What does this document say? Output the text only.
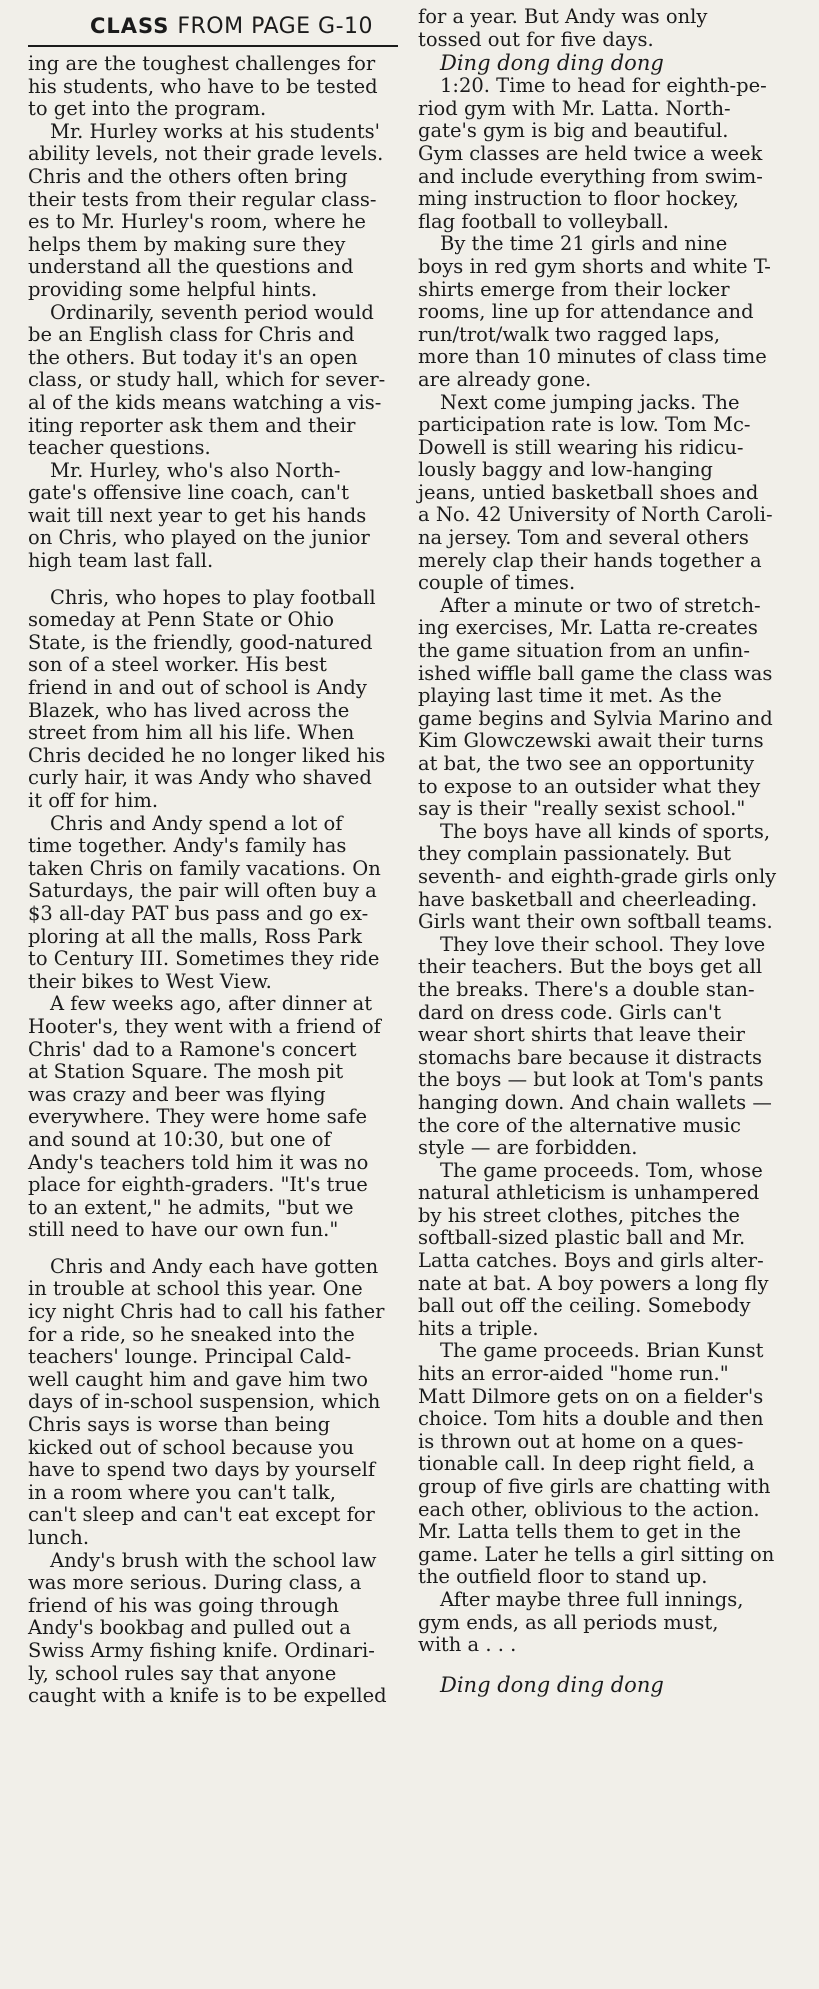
CLASS FROM PAGE G-10

ing are the toughest challenges for
his students, who have to be tested
to get into the program.

Mr. Hurley works at his students'
ability levels, not their grade levels.
Chris and the others often bring
their tests from their regular class-
es to Mr. Hurley's room, where he
helps them by making sure they
understand all the questions and
providing some helpful hints.

Ordinarily, seventh period would
be an English class for Chris and
the others. But today it's an open
class, or study hall, which for sever-
al of the kids means watching a vis-
iting reporter ask them and their
teacher questions.

Mr. Hurley, who's also North-
gate's offensive line coach, can't
wait till next year to get his hands
on Chris, who played on the junior
high team last fall.

Chris, who hopes to play football
someday at Penn State or Ohio
State, is the friendly, good-natured
son of a steel worker. His best
friend in and out of school is Andy
Blazek, who has lived across the
street from him all his life. When
Chris decided he no longer liked his
curly hair, it was Andy who shaved
it off for him.

Chris and Andy spend a lot of
time together. Andy's family has
taken Chris on family vacations. On
Saturdays, the pair will often buy a
$3 all-day PAT bus pass and go ex-
ploring at all the malls, Ross Park
to Century III. Sometimes they ride
their bikes to West View.

A few weeks ago, after dinner at
Hooter's, they went with a friend of
Chris' dad to a Ramone's concert
at Station Square. The mosh pit
was crazy and beer was flying
everywhere. They were home safe
and sound at 10:30, but one of
Andy's teachers told him it was no
place for eighth-graders. "It's true
to an extent," he admits, "but we
still need to have our own fun."

Chris and Andy each have gotten
in trouble at school this year. One
icy night Chris had to call his father
for a ride, so he sneaked into the
teachers' lounge. Principal Cald-
well caught him and gave him two
days of in-school suspension, which
Chris says is worse than being
kicked out of school because you
have to spend two days by yourself
in a room where you can't talk,
can't sleep and can't eat except for
lunch.

Andy's brush with the school law
was more serious. During class, a
friend of his was going through
Andy's bookbag and pulled out a
Swiss Army fishing knife. Ordinari-
ly, school rules say that anyone
caught with a knife is to be expelled

for a year. But Andy was only
tossed out for five days.

Ding dong ding dong

1:20. Time to head for eighth-pe-
riod gym with Mr. Latta. North-
gate's gym is big and beautiful.
Gym classes are held twice a week
and include everything from swim-
ming instruction to floor hockey,
flag football to volleyball.

By the time 21 girls and nine
boys in red gym shorts and white T-
shirts emerge from their locker
rooms, line up for attendance and
run/trot/walk two ragged laps,
more than 10 minutes of class time
are already gone.

Next come jumping jacks. The
participation rate is low. Tom Mc-
Dowell is still wearing his ridicu-
lously baggy and low-hanging
jeans, untied basketball shoes and
a No. 42 University of North Caroli-
na jersey. Tom and several others
merely clap their hands together a
couple of times.

After a minute or two of stretch-
ing exercises, Mr. Latta re-creates
the game situation from an unfin-
ished wiffle ball game the class was
playing last time it met. As the
game begins and Sylvia Marino and
Kim Glowczewski await their turns
at bat, the two see an opportunity
to expose to an outsider what they
say is their "really sexist school."

The boys have all kinds of sports,
they complain passionately. But
seventh- and eighth-grade girls only
have basketball and cheerleading.
Girls want their own softball teams.

They love their school. They love
their teachers. But the boys get all
the breaks. There's a double stan-
dard on dress code. Girls can't
wear short shirts that leave their
stomachs bare because it distracts
the boys — but look at Tom's pants
hanging down. And chain wallets —
the core of the alternative music
style — are forbidden.

The game proceeds. Tom, whose
natural athleticism is unhampered
by his street clothes, pitches the
softball-sized plastic ball and Mr.
Latta catches. Boys and girls alter-
nate at bat. A boy powers a long fly
ball out off the ceiling. Somebody
hits a triple.

The game proceeds. Brian Kunst
hits an error-aided "home run."
Matt Dilmore gets on on a fielder's
choice. Tom hits a double and then
is thrown out at home on a ques-
tionable call. In deep right field, a
group of five girls are chatting with
each other, oblivious to the action.
Mr. Latta tells them to get in the
game. Later he tells a girl sitting on
the outfield floor to stand up.

After maybe three full innings,
gym ends, as all periods must,
with a . . .

Ding dong ding dong
